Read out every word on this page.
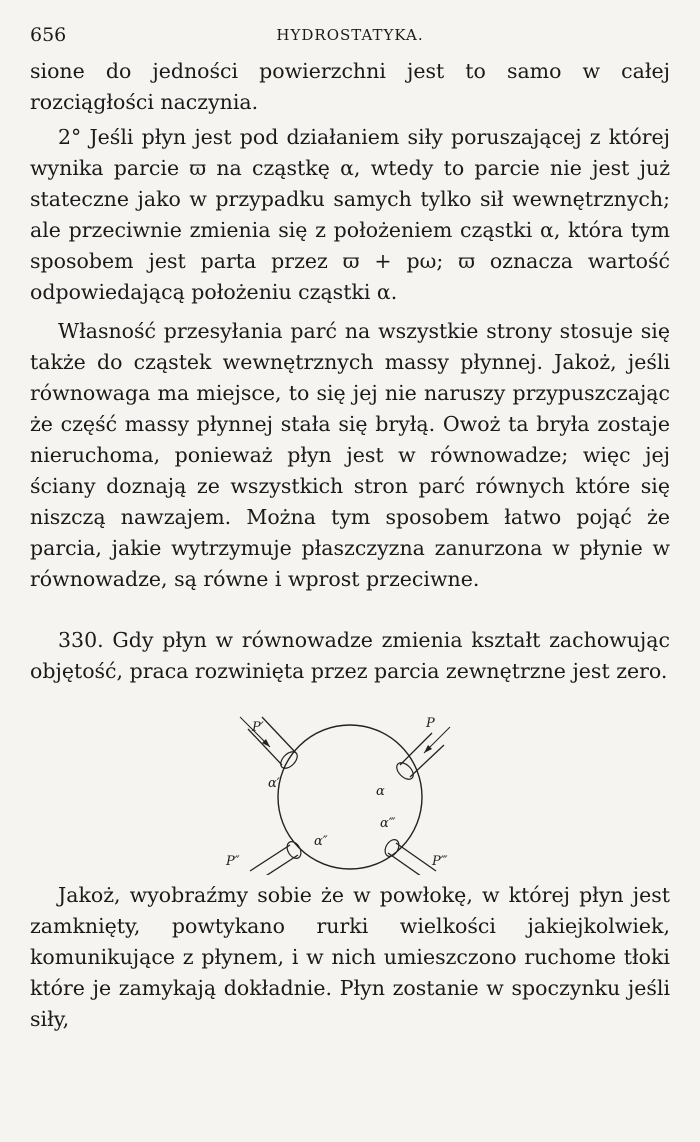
656	HYDROSTATYKA.
sione do jedności powierzchni jest to samo w całej rozciągłości naczynia.
2° Jeśli płyn jest pod działaniem siły poruszającej z której wynika parcie ϖ na cząstkę α, wtedy to parcie nie jest już stateczne jako w przypadku samych tylko sił wewnętrznych; ale przeciwnie zmienia się z położeniem cząstki α, która tym sposobem jest parta przez ϖ + pω; ϖ oznacza wartość odpowiedającą położeniu cząstki α.
Własność przesyłania parć na wszystkie strony stosuje się także do cząstek wewnętrznych massy płynnej. Jakoż, jeśli równowaga ma miejsce, to się jej nie naruszy przypuszczając że część massy płynnej stała się bryłą. Owoż ta bryła zostaje nieruchoma, ponieważ płyn jest w równowadze; więc jej ściany doznają ze wszystkich stron parć równych które się niszczą nawzajem. Można tym sposobem łatwo pojąć że parcia, jakie wytrzymuje płaszczyzna zanurzona w płynie w równowadze, są równe i wprost przeciwne.
330. Gdy płyn w równowadze zmienia kształt zachowując objętość, praca rozwinięta przez parcia zewnętrzne jest zero.
P′	P
α′
α
α″
α‴
P″	P‴
Jakoż, wyobraźmy sobie że w powłokę, w której płyn jest zamknięty, powtykano rurki wielkości jakiejkolwiek, komunikujące z płynem, i w nich umieszczono ruchome tłoki które je zamykają dokładnie. Płyn zostanie w spoczynku jeśli siły,
